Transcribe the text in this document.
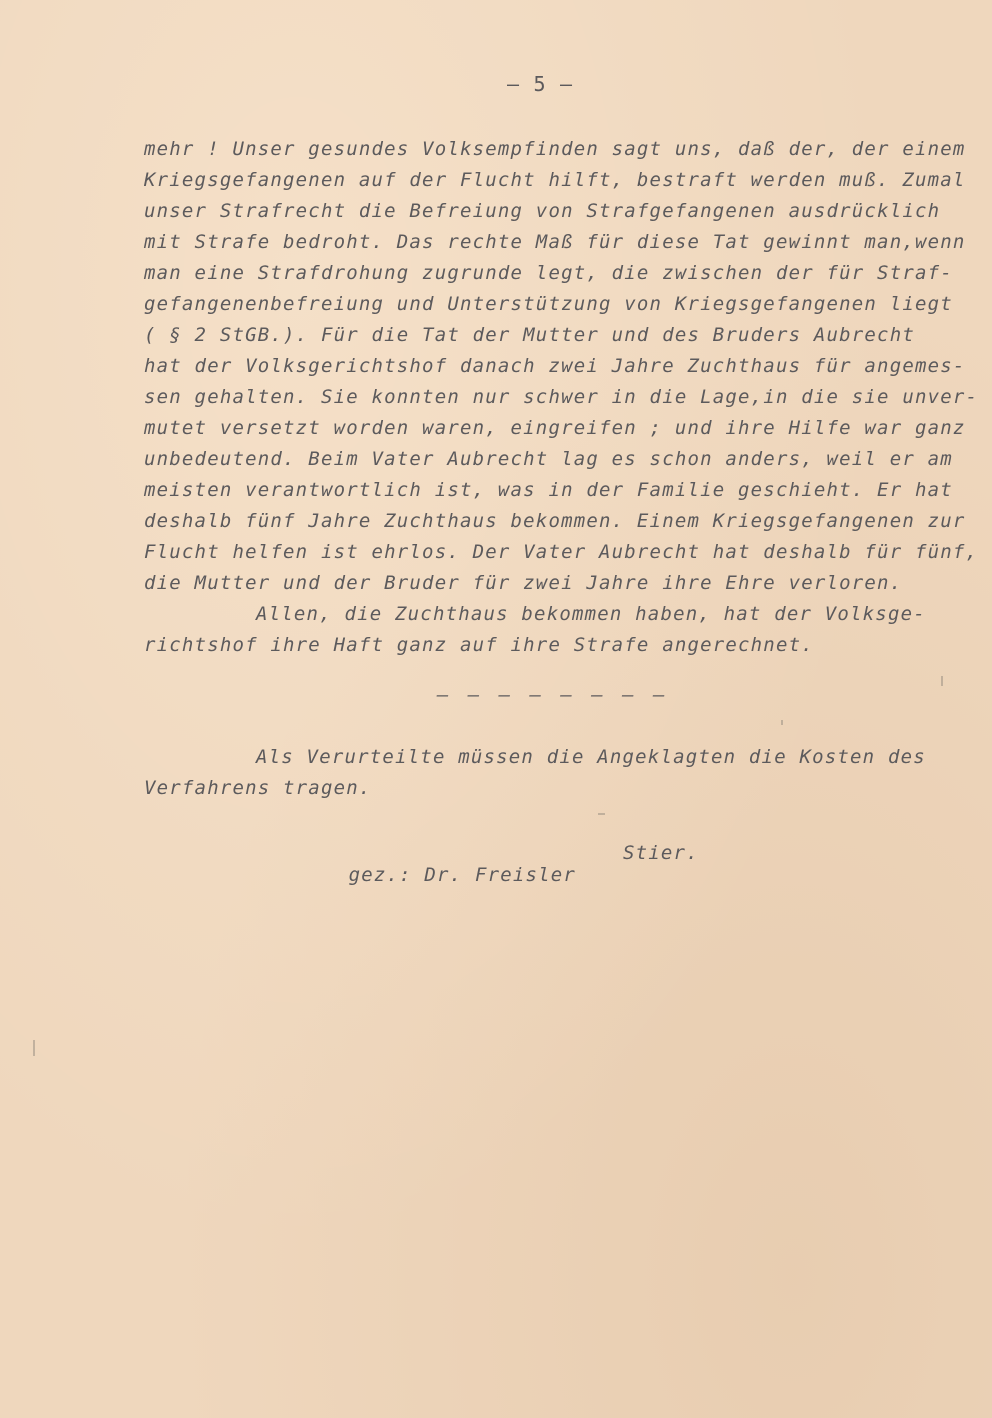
– 5 –
mehr ! Unser gesundes Volksempfinden sagt uns, daß der, der einem
Kriegsgefangenen auf der Flucht hilft, bestraft werden muß. Zumal
unser Strafrecht die Befreiung von Strafgefangenen ausdrücklich
mit Strafe bedroht. Das rechte Maß für diese Tat gewinnt man,wenn
man eine Strafdrohung zugrunde legt, die zwischen der für Straf-
gefangenenbefreiung und Unterstützung von Kriegsgefangenen liegt
( § 2 StGB.). Für die Tat der Mutter und des Bruders Aubrecht
hat der Volksgerichtshof danach zwei Jahre Zuchthaus für angemes-
sen gehalten. Sie konnten nur schwer in die Lage,in die sie unver-
mutet versetzt worden waren, eingreifen ; und ihre Hilfe war ganz
unbedeutend. Beim Vater Aubrecht lag es schon anders, weil er am
meisten verantwortlich ist, was in der Familie geschieht. Er hat
deshalb fünf Jahre Zuchthaus bekommen. Einem Kriegsgefangenen zur
Flucht helfen ist ehrlos. Der Vater Aubrecht hat deshalb für fünf,
die Mutter und der Bruder für zwei Jahre ihre Ehre verloren.
Allen, die Zuchthaus bekommen haben, hat der Volksge-
richtshof ihre Haft ganz auf ihre Strafe angerechnet.
— — — — — — — —
Als Verurteilte müssen die Angeklagten die Kosten des
Verfahrens tragen.

gez.: Dr. Freisler

Stier.
